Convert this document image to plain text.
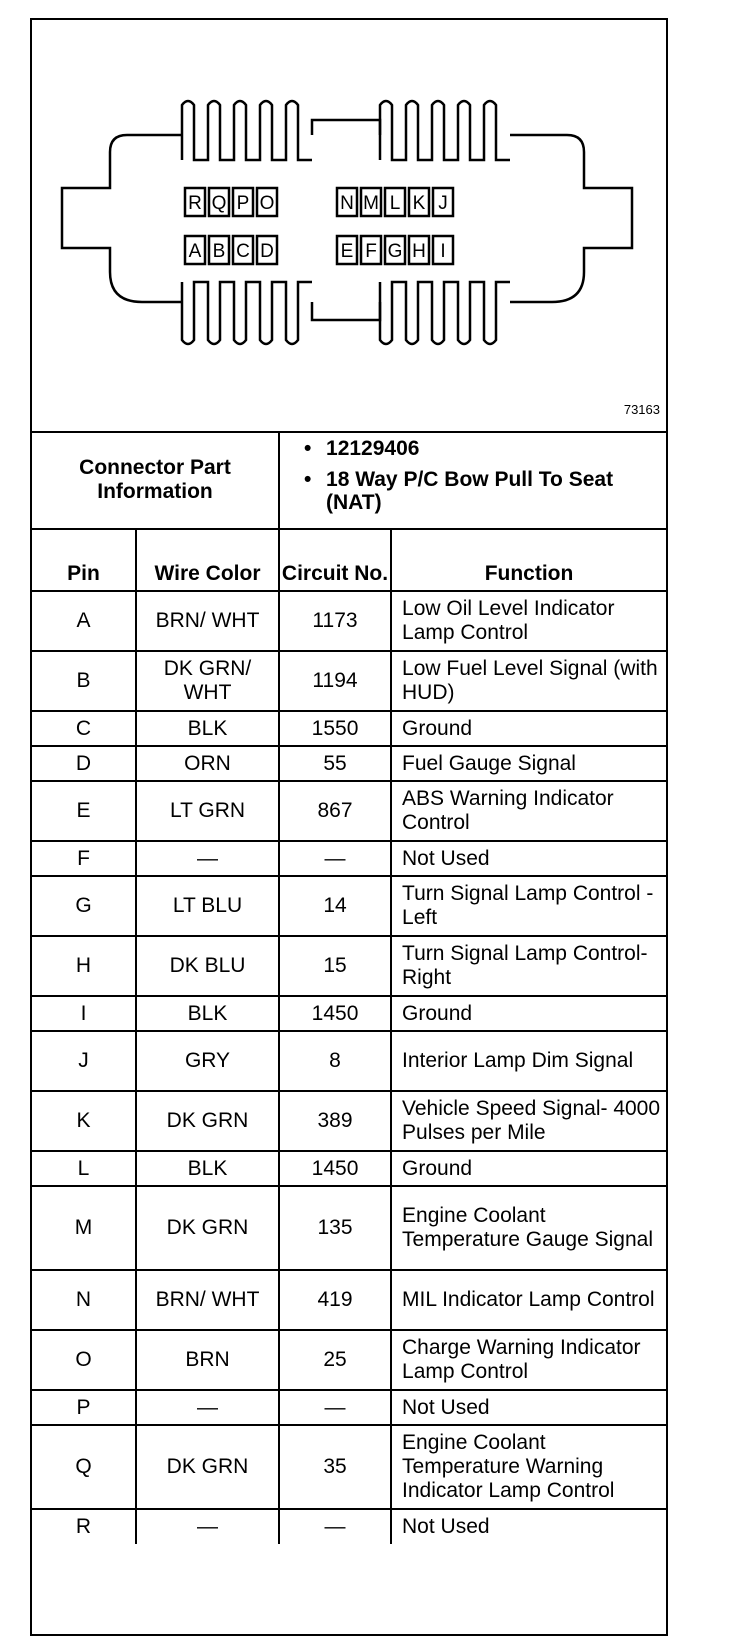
R Q P O	N M L K J
A B C D	E F G H I
73163
Connector Part Information		• 12129406
• 18 Way P/C Bow Pull To Seat (NAT)	

Pin	Wire Color	Circuit No.	Function
A	BRN/ WHT	1173	Low Oil Level Indicator Lamp Control
B	DK GRN/ WHT	1194	Low Fuel Level Signal (with HUD)
C	BLK	1550	Ground
D	ORN	55	Fuel Gauge Signal
E	LT GRN	867	ABS Warning Indicator Control
F	—	—	Not Used
G	LT BLU	14	Turn Signal Lamp Control - Left
H	DK BLU	15	Turn Signal Lamp Control-Right
I	BLK	1450	Ground
J	GRY	8	Interior Lamp Dim Signal
K	DK GRN	389	Vehicle Speed Signal- 4000 Pulses per Mile
L	BLK	1450	Ground
M	DK GRN	135	Engine Coolant Temperature Gauge Signal
N	BRN/ WHT	419	MIL Indicator Lamp Control
O	BRN	25	Charge Warning Indicator Lamp Control
P	—	—	Not Used
Q	DK GRN	35	Engine Coolant Temperature Warning Indicator Lamp Control
R	—	—	Not Used
